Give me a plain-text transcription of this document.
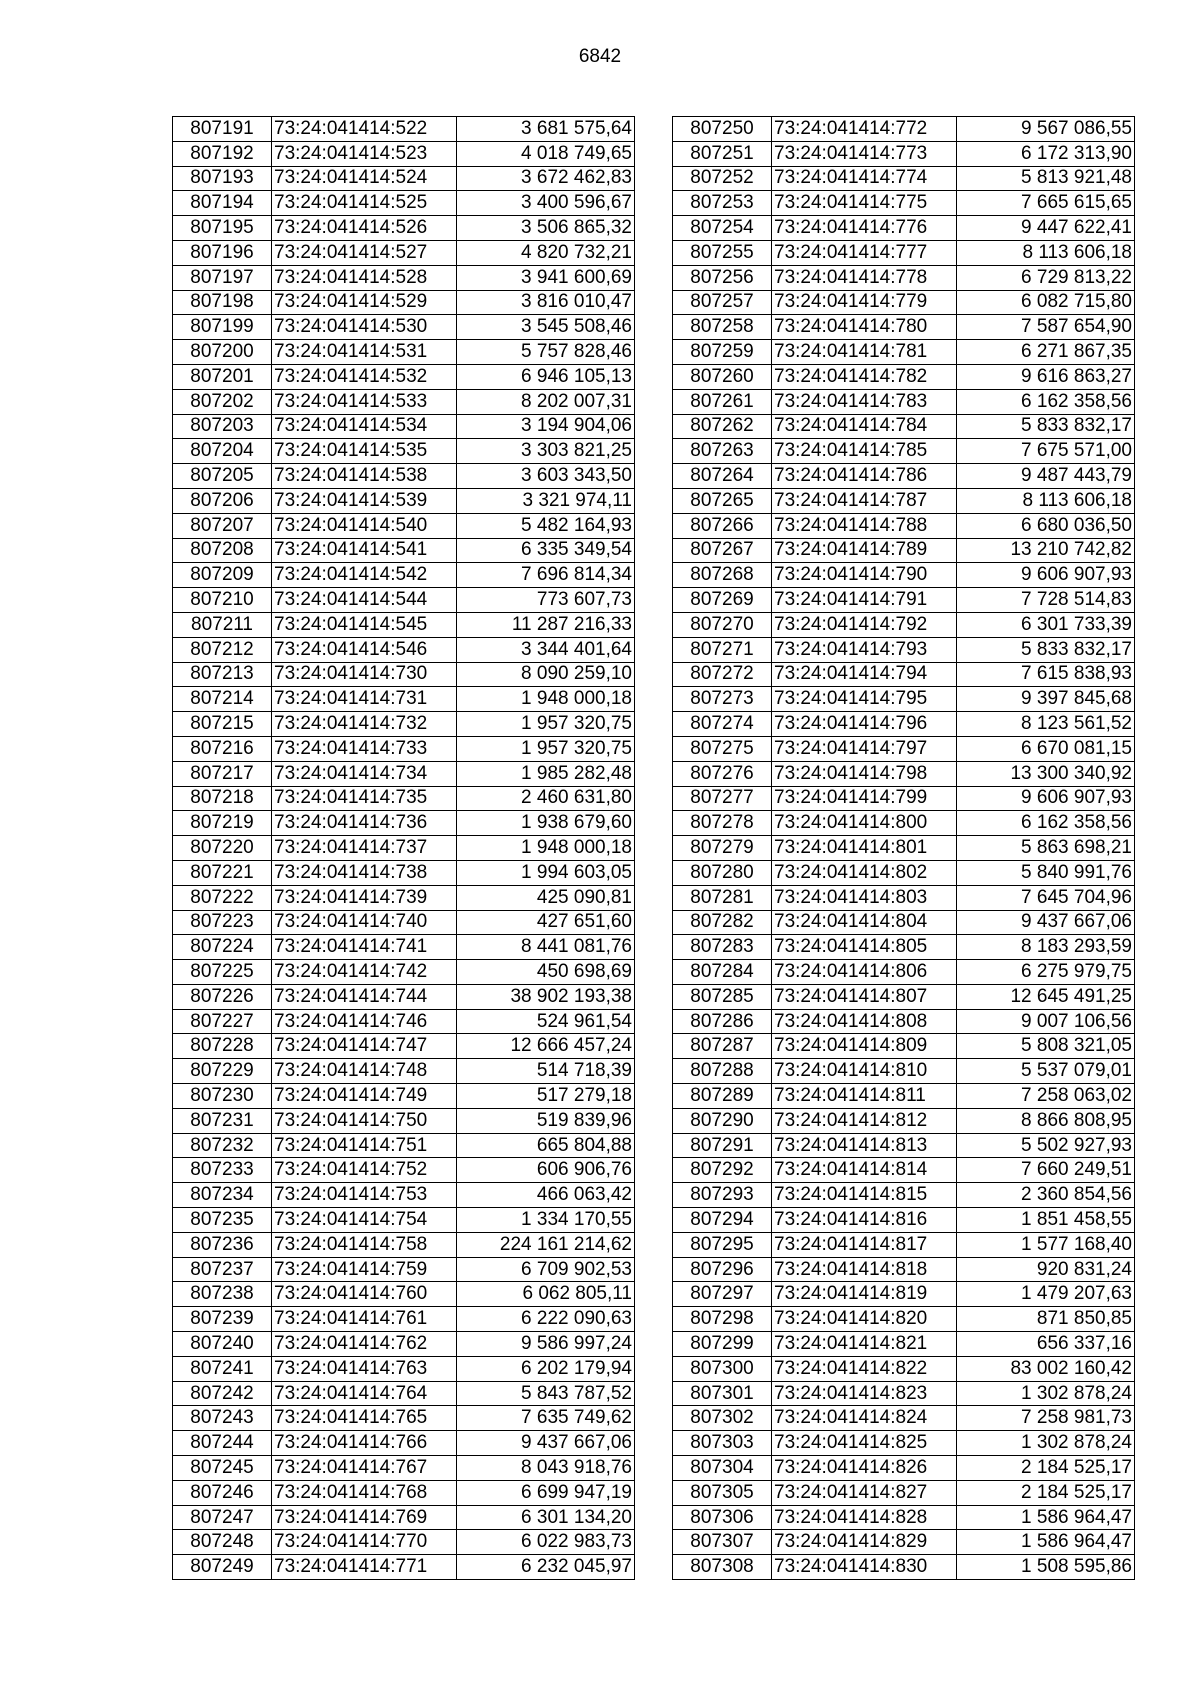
6842
807191	73:24:041414:522	3 681 575,64
807192	73:24:041414:523	4 018 749,65
807193	73:24:041414:524	3 672 462,83
807194	73:24:041414:525	3 400 596,67
807195	73:24:041414:526	3 506 865,32
807196	73:24:041414:527	4 820 732,21
807197	73:24:041414:528	3 941 600,69
807198	73:24:041414:529	3 816 010,47
807199	73:24:041414:530	3 545 508,46
807200	73:24:041414:531	5 757 828,46
807201	73:24:041414:532	6 946 105,13
807202	73:24:041414:533	8 202 007,31
807203	73:24:041414:534	3 194 904,06
807204	73:24:041414:535	3 303 821,25
807205	73:24:041414:538	3 603 343,50
807206	73:24:041414:539	3 321 974,11
807207	73:24:041414:540	5 482 164,93
807208	73:24:041414:541	6 335 349,54
807209	73:24:041414:542	7 696 814,34
807210	73:24:041414:544	773 607,73
807211	73:24:041414:545	11 287 216,33
807212	73:24:041414:546	3 344 401,64
807213	73:24:041414:730	8 090 259,10
807214	73:24:041414:731	1 948 000,18
807215	73:24:041414:732	1 957 320,75
807216	73:24:041414:733	1 957 320,75
807217	73:24:041414:734	1 985 282,48
807218	73:24:041414:735	2 460 631,80
807219	73:24:041414:736	1 938 679,60
807220	73:24:041414:737	1 948 000,18
807221	73:24:041414:738	1 994 603,05
807222	73:24:041414:739	425 090,81
807223	73:24:041414:740	427 651,60
807224	73:24:041414:741	8 441 081,76
807225	73:24:041414:742	450 698,69
807226	73:24:041414:744	38 902 193,38
807227	73:24:041414:746	524 961,54
807228	73:24:041414:747	12 666 457,24
807229	73:24:041414:748	514 718,39
807230	73:24:041414:749	517 279,18
807231	73:24:041414:750	519 839,96
807232	73:24:041414:751	665 804,88
807233	73:24:041414:752	606 906,76
807234	73:24:041414:753	466 063,42
807235	73:24:041414:754	1 334 170,55
807236	73:24:041414:758	224 161 214,62
807237	73:24:041414:759	6 709 902,53
807238	73:24:041414:760	6 062 805,11
807239	73:24:041414:761	6 222 090,63
807240	73:24:041414:762	9 586 997,24
807241	73:24:041414:763	6 202 179,94
807242	73:24:041414:764	5 843 787,52
807243	73:24:041414:765	7 635 749,62
807244	73:24:041414:766	9 437 667,06
807245	73:24:041414:767	8 043 918,76
807246	73:24:041414:768	6 699 947,19
807247	73:24:041414:769	6 301 134,20
807248	73:24:041414:770	6 022 983,73
807249	73:24:041414:771	6 232 045,97
807250	73:24:041414:772	9 567 086,55
807251	73:24:041414:773	6 172 313,90
807252	73:24:041414:774	5 813 921,48
807253	73:24:041414:775	7 665 615,65
807254	73:24:041414:776	9 447 622,41
807255	73:24:041414:777	8 113 606,18
807256	73:24:041414:778	6 729 813,22
807257	73:24:041414:779	6 082 715,80
807258	73:24:041414:780	7 587 654,90
807259	73:24:041414:781	6 271 867,35
807260	73:24:041414:782	9 616 863,27
807261	73:24:041414:783	6 162 358,56
807262	73:24:041414:784	5 833 832,17
807263	73:24:041414:785	7 675 571,00
807264	73:24:041414:786	9 487 443,79
807265	73:24:041414:787	8 113 606,18
807266	73:24:041414:788	6 680 036,50
807267	73:24:041414:789	13 210 742,82
807268	73:24:041414:790	9 606 907,93
807269	73:24:041414:791	7 728 514,83
807270	73:24:041414:792	6 301 733,39
807271	73:24:041414:793	5 833 832,17
807272	73:24:041414:794	7 615 838,93
807273	73:24:041414:795	9 397 845,68
807274	73:24:041414:796	8 123 561,52
807275	73:24:041414:797	6 670 081,15
807276	73:24:041414:798	13 300 340,92
807277	73:24:041414:799	9 606 907,93
807278	73:24:041414:800	6 162 358,56
807279	73:24:041414:801	5 863 698,21
807280	73:24:041414:802	5 840 991,76
807281	73:24:041414:803	7 645 704,96
807282	73:24:041414:804	9 437 667,06
807283	73:24:041414:805	8 183 293,59
807284	73:24:041414:806	6 275 979,75
807285	73:24:041414:807	12 645 491,25
807286	73:24:041414:808	9 007 106,56
807287	73:24:041414:809	5 808 321,05
807288	73:24:041414:810	5 537 079,01
807289	73:24:041414:811	7 258 063,02
807290	73:24:041414:812	8 866 808,95
807291	73:24:041414:813	5 502 927,93
807292	73:24:041414:814	7 660 249,51
807293	73:24:041414:815	2 360 854,56
807294	73:24:041414:816	1 851 458,55
807295	73:24:041414:817	1 577 168,40
807296	73:24:041414:818	920 831,24
807297	73:24:041414:819	1 479 207,63
807298	73:24:041414:820	871 850,85
807299	73:24:041414:821	656 337,16
807300	73:24:041414:822	83 002 160,42
807301	73:24:041414:823	1 302 878,24
807302	73:24:041414:824	7 258 981,73
807303	73:24:041414:825	1 302 878,24
807304	73:24:041414:826	2 184 525,17
807305	73:24:041414:827	2 184 525,17
807306	73:24:041414:828	1 586 964,47
807307	73:24:041414:829	1 586 964,47
807308	73:24:041414:830	1 508 595,86
